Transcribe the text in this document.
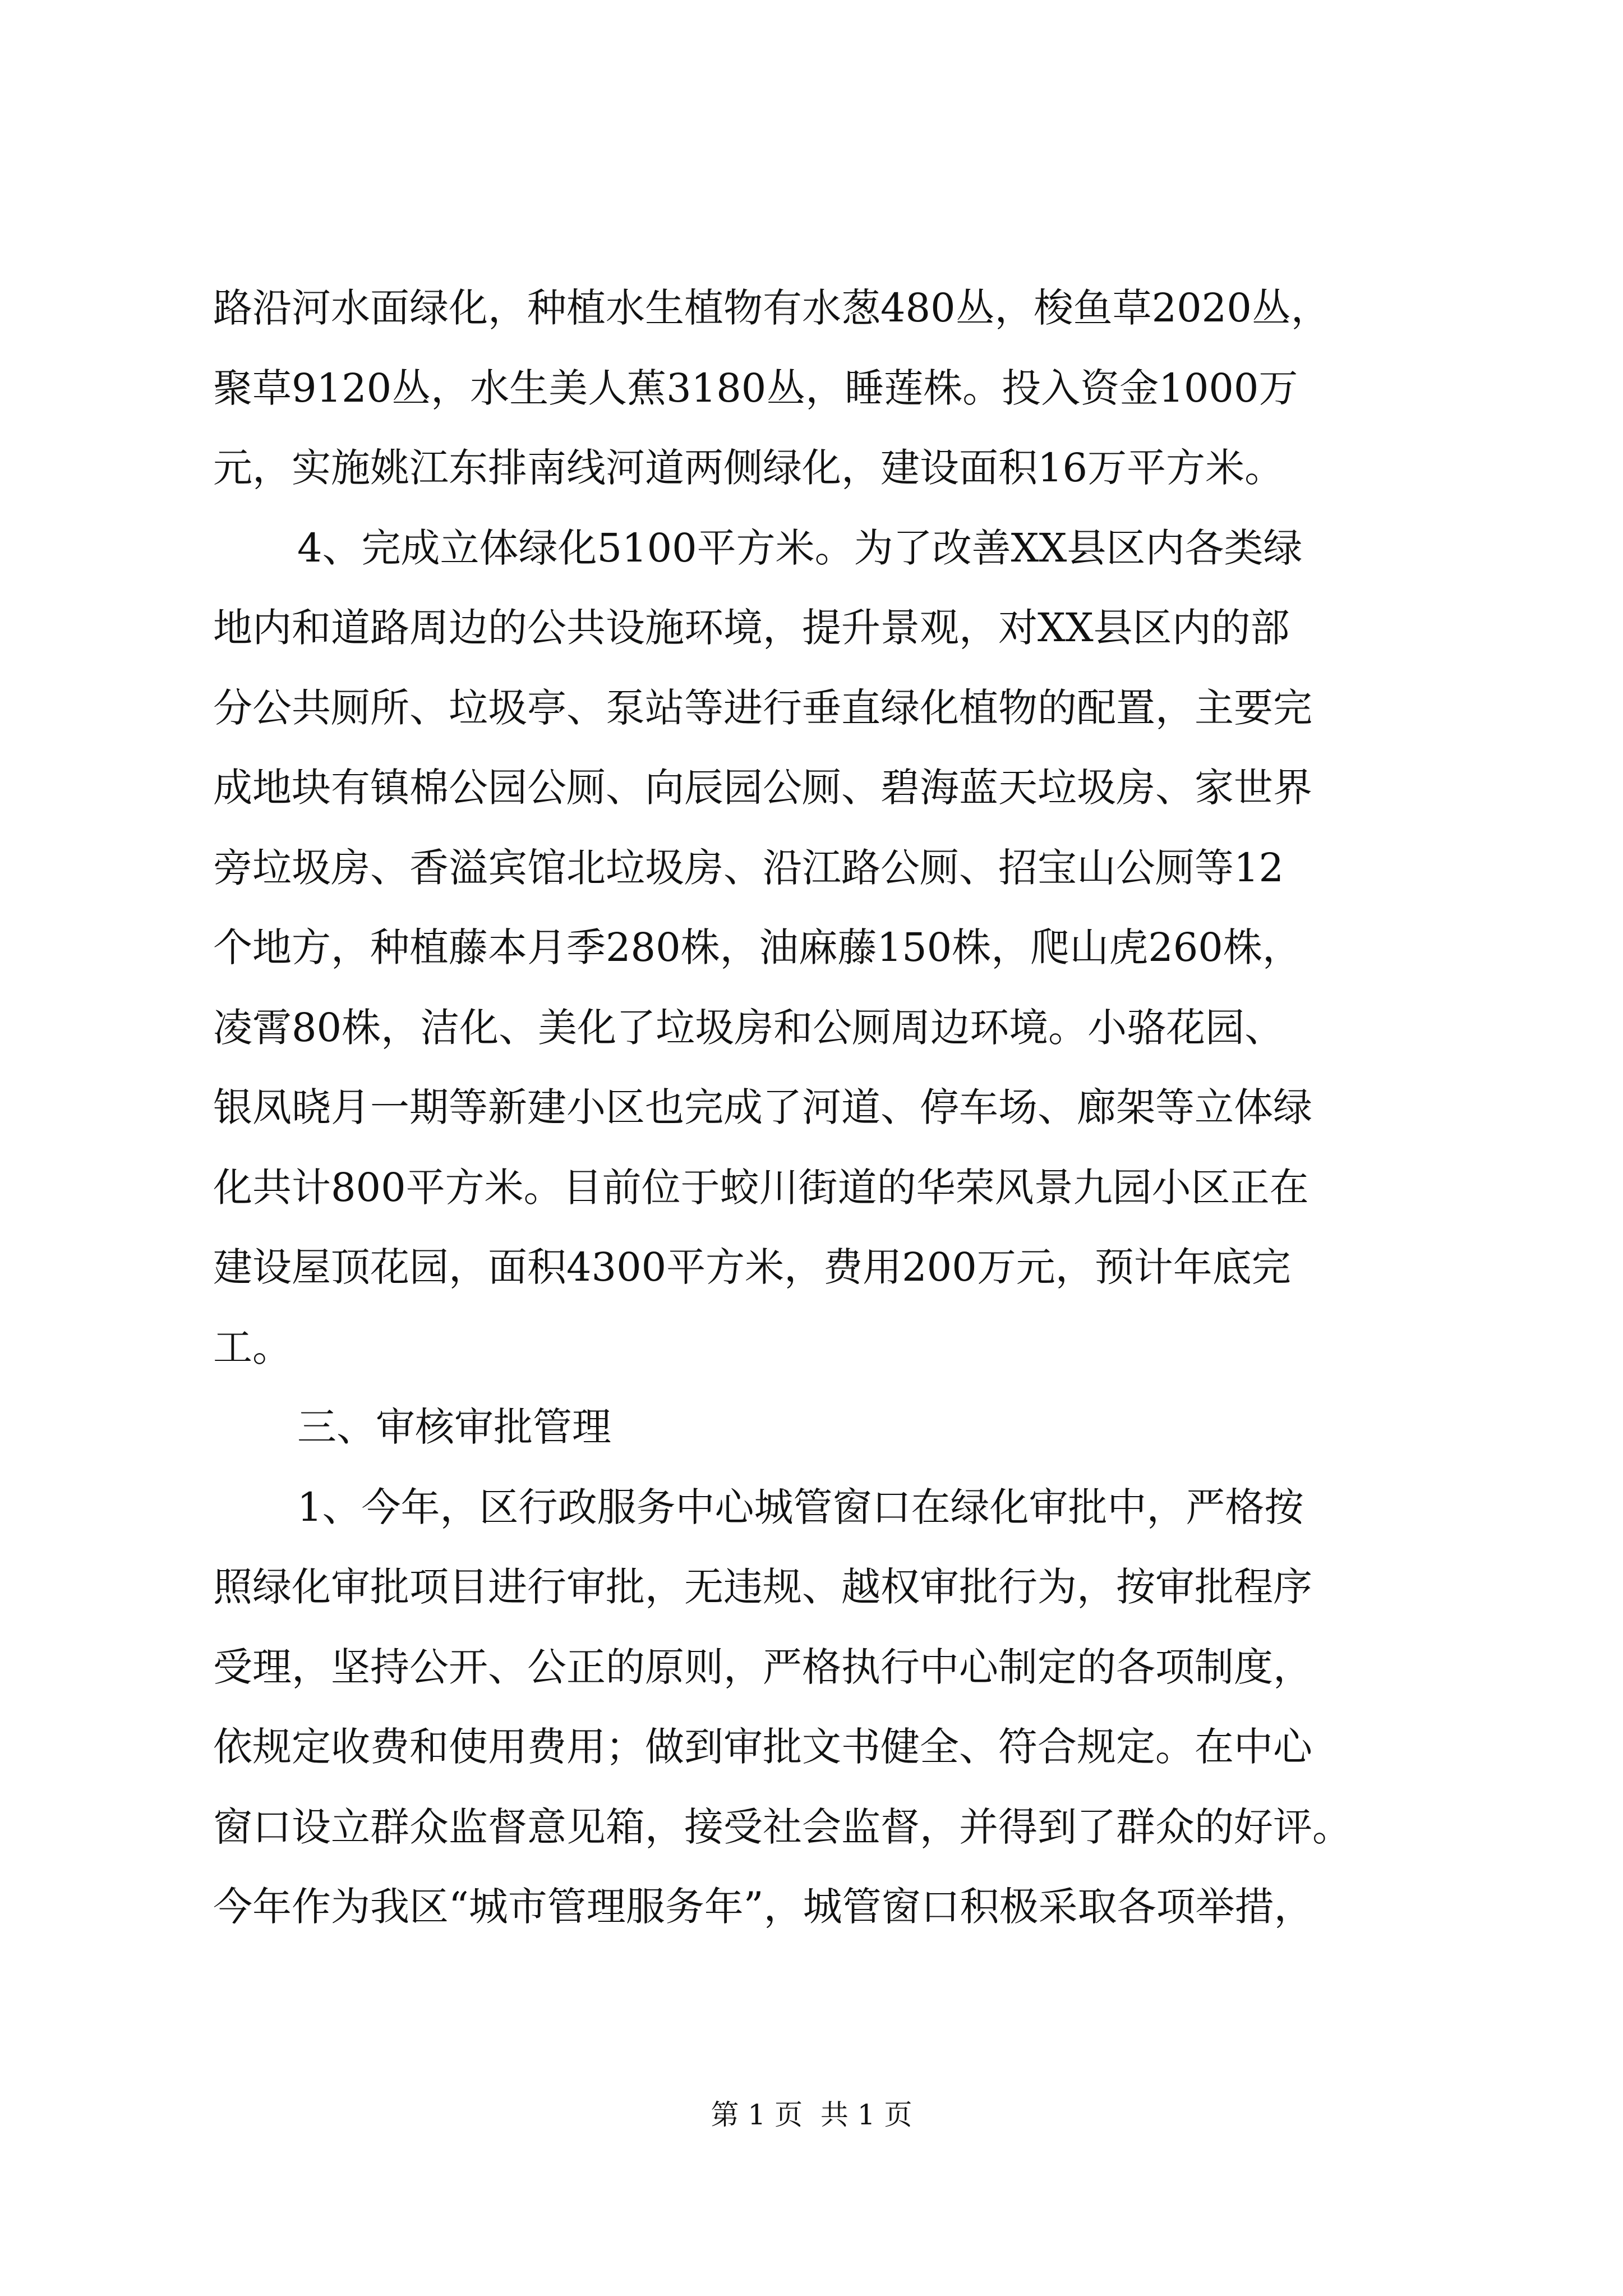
路沿河水面绿化，种植水生植物有水葱480丛，梭鱼草2020丛，
聚草9120丛，水生美人蕉3180丛，睡莲株。投入资金1000万
元，实施姚江东排南线河道两侧绿化，建设面积16万平方米。
4、完成立体绿化5100平方米。为了改善XX县区内各类绿
地内和道路周边的公共设施环境，提升景观，对XX县区内的部
分公共厕所、垃圾亭、泵站等进行垂直绿化植物的配置，主要完
成地块有镇棉公园公厕、向辰园公厕、碧海蓝天垃圾房、家世界
旁垃圾房、香溢宾馆北垃圾房、沿江路公厕、招宝山公厕等12
个地方，种植藤本月季280株，油麻藤150株，爬山虎260株，
凌霄80株，洁化、美化了垃圾房和公厕周边环境。小骆花园、
银凤晓月一期等新建小区也完成了河道、停车场、廊架等立体绿
化共计800平方米。目前位于蛟川街道的华荣风景九园小区正在
建设屋顶花园，面积4300平方米，费用200万元，预计年底完
工。
三、审核审批管理
1、今年，区行政服务中心城管窗口在绿化审批中，严格按
照绿化审批项目进行审批，无违规、越权审批行为，按审批程序
受理，坚持公开、公正的原则，严格执行中心制定的各项制度，
依规定收费和使用费用；做到审批文书健全、符合规定。在中心
窗口设立群众监督意见箱，接受社会监督，并得到了群众的好评。
今年作为我区“城市管理服务年”，城管窗口积极采取各项举措，
第 1 页  共 1 页
